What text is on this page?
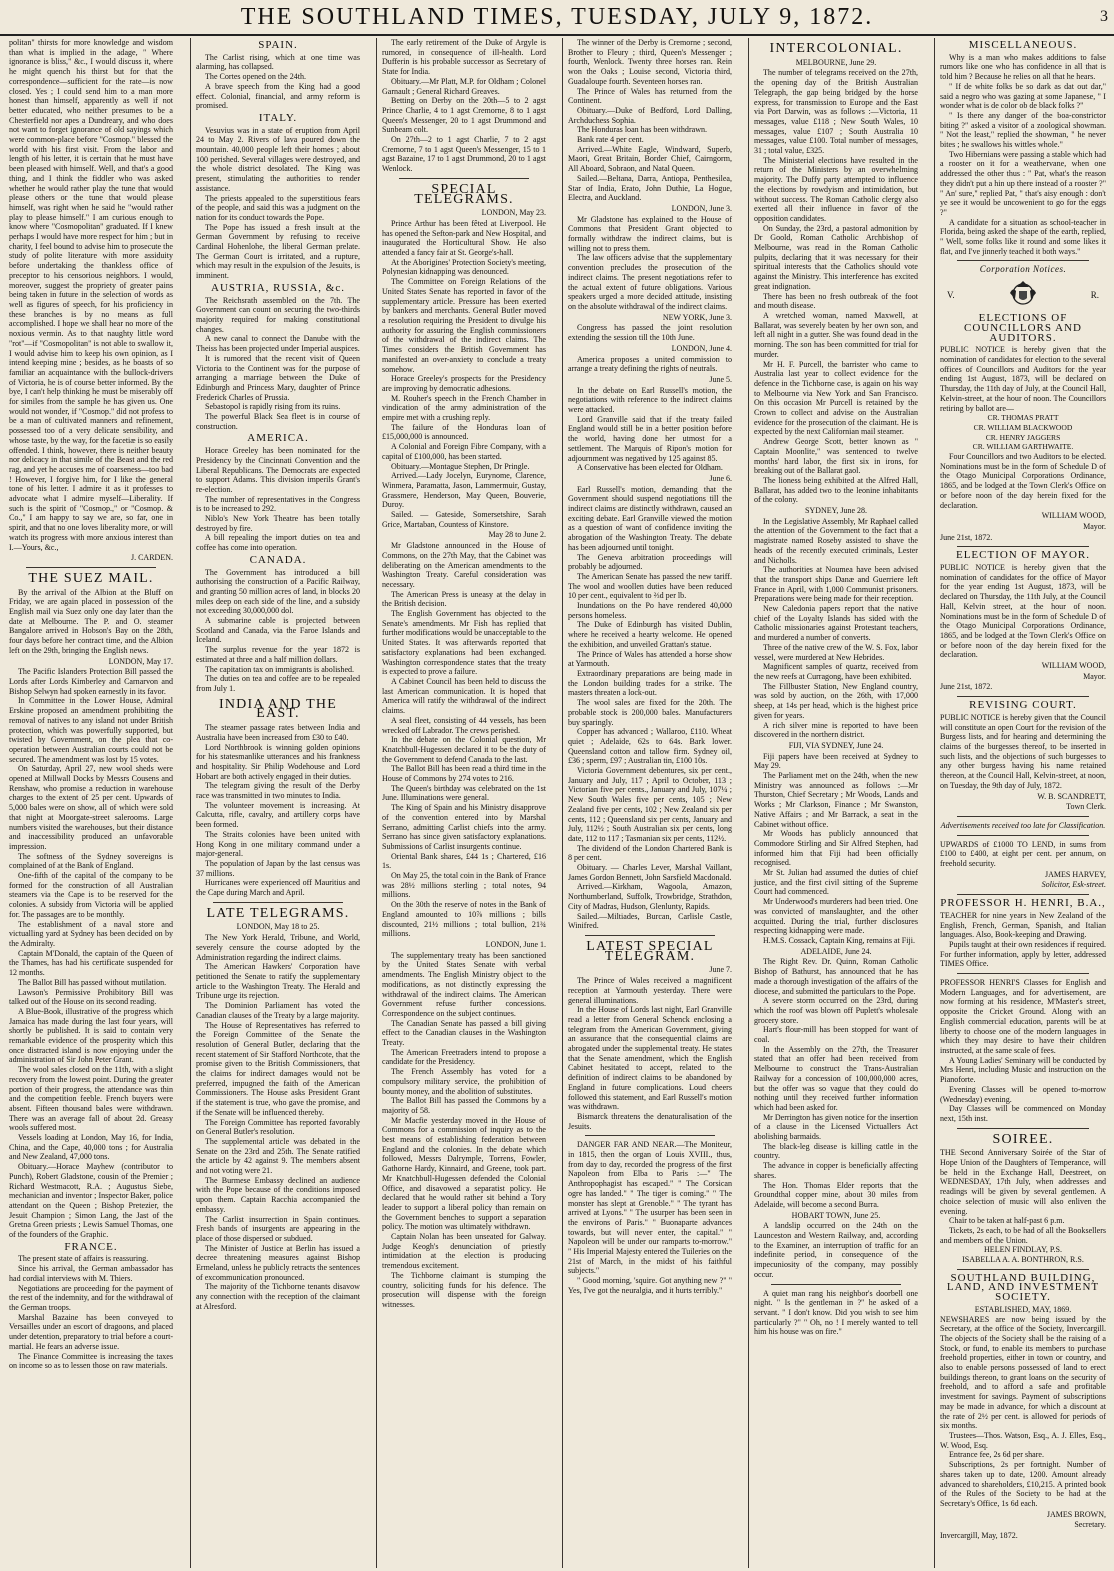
THE SOUTHLAND TIMES, TUESDAY, JULY 9, 1872.	3

politan" thirsts for more knowledge and wisdom than what is implied in the adage, " Where ignorance is bliss," &c., I would discuss it, where he might quench his thirst but for that the correspondence—sufficient for the rate—is now closed. Yes ; I could send him to a man more honest than himself, apparently as well if not better educated, who neither presumes to be a Chesterfield nor apes a Dundreary, and who does not want to forget ignorance of old sayings which were common-place before "Cosmop." blessed the world with his first visit. From the labor and length of his letter, it is certain that he must have been pleased with himself. Well, and that's a good thing, and I think the fiddler who was asked whether he would rather play the tune that would please others or the tune that would please himself, was right when he said he "would rather play to please himself." I am curious enough to know where "Cosmopolitan" graduated. If I knew perhaps I would have more respect for him ; but in charity, I feel bound to advise him to prosecute the study of polite literature with more assiduity before undertaking the thankless office of preceptor to his censorious neighbors. I would, moreover, suggest the propriety of greater pains being taken in future in the selection of words as well as figures of speech, for his proficiency in these branches is by no means as full accomplished. I hope we shall hear no more of the noxious vermin. As to that naughty little word "rot"—if "Cosmopolitan" is not able to swallow it, I would advise him to keep his own opinion, as I intend keeping mine ; besides, as he boasts of so familiar an acquaintance with the bullock-drivers of Victoria, he is of course better informed. By the bye, I can't help thinking he must be miserably off for similes from the sample he has given us. One would not wonder, if "Cosmop." did not profess to be a man of cultivated manners and refinement, possessed too of a very delicate sensibility, and whose taste, by the way, for the facetiæ is so easily offended. I think, however, there is neither beauty nor delicacy in that simile of the Beast and the red rag, and yet he accuses me of coarseness—too bad ! However, I forgive him, for I like the general tone of his letter. I admire it as it professes to advocate what I admire myself—Liberality. If such is the spirit of "Cosmop.," or "Cosmop. & Co.," I am happy to say we are, so far, one in spirit, and that no one loves liberality more, or will watch its progress with more anxious interest than I.—Yours, &c.,

J. CARDEN.
THE SUEZ MAIL.

By the arrival of the Albion at the Bluff on Friday, we are again placed in possession of the English mail via Suez only one day later than the date at Melbourne. The P. and O. steamer Bangalore arrived in Hobson's Bay on the 28th, four days before her contract time, and the Albion left on the 29th, bringing the English news.

LONDON, May 17.

The Pacific Islanders Protection Bill passed the Lords after Lords Kimberley and Carnarvon and Bishop Selwyn had spoken earnestly in its favor.

In Committee in the Lower House, Admiral Erskine proposed an amendment prohibiting the removal of natives to any island not under British protection, which was powerfully supported, but twisted by Government, on the plea that co-operation between Australian courts could not be secured. The amendment was lost by 15 votes.

On Saturday, April 27, new wool sheds were opened at Millwall Docks by Messrs Cousens and Renshaw, who promise a reduction in warehouse charges to the extent of 25 per cent. Upwards of 5,000 bales were on show, all of which were sold that night at Moorgate-street salerooms. Large numbers visited the warehouses, but their distance and inaccessibility produced an unfavorable impression.

The softness of the Sydney sovereigns is complained of at the Bank of England.

One-fifth of the capital of the company to be formed for the construction of all Australian steamers via the Cape is to be reserved for the colonies. A subsidy from Victoria will be applied for. The passages are to be monthly.

The establishment of a naval store and victualling yard at Sydney has been decided on by the Admiralty.

Captain M'Donald, the captain of the Queen of the Thames, has had his certificate suspended for 12 months.

The Ballot Bill has passed without mutilation.

Lawson's Permissive Prohibitory Bill was talked out of the House on its second reading.

A Blue-Book, illustrative of the progress which Jamaica has made during the last four years, will shortly be published. It is said to contain very remarkable evidence of the prosperity which this once distracted island is now enjoying under the administration of Sir John Peter Grant.

The wool sales closed on the 11th, with a slight recovery from the lowest point. During the greater portion of their progress, the attendance was thin and the competition feeble. French buyers were absent. Fifteen thousand bales were withdrawn. There was an average fall of about 2d. Greasy wools suffered most.

Vessels loading at London, May 16, for India, China, and the Cape, 40,000 tons ; for Australia and New Zealand, 47,000 tons.

Obituary.—Horace Mayhew (contributor to Punch), Robert Gladstone, cousin of the Premier ; Richard Westmacott, R.A. ; Augustus Siebe, mechanician and inventor ; Inspector Baker, police attendant on the Queen ; Bishop Pretezier, the Jesuit Champion ; Simon Lang, the Jast of the Gretna Green priests ; Lewis Samuel Thomas, one of the founders of the Graphic.

FRANCE.

The present state of affairs is reassuring.

Since his arrival, the German ambassador has had cordial interviews with M. Thiers.

Negotiations are proceeding for the payment of the rest of the indemnity, and for the withdrawal of the German troops.

Marshal Bazaine has been conveyed to Versailles under an escort of dragoons, and placed under detention, preparatory to trial before a court-martial. He fears an adverse issue.

The Finance Committee is increasing the taxes on income so as to lessen those on raw materials.

SPAIN.

The Carlist rising, which at one time was alarming, has collapsed.

The Cortes opened on the 24th.

A brave speech from the King had a good effect. Colonial, financial, and army reform is promised.

ITALY.

Vesuvius was in a state of eruption from April 24 to May 2. Rivers of lava poured down the mountain. 40,000 people left their homes ; about 100 perished. Several villages were destroyed, and the whole district desolated. The King was present, stimulating the authorities to render assistance.

The priests appealed to the superstitious fears of the people, and said this was a judgment on the nation for its conduct towards the Pope.

The Pope has issued a fresh insult at the German Government by refusing to receive Cardinal Hohenlohe, the liberal German prelate. The German Court is irritated, and a rupture, which may result in the expulsion of the Jesuits, is imminent.

AUSTRIA, RUSSIA, &c.

The Reichsrath assembled on the 7th. The Government can count on securing the two-thirds majority required for making constitutional changes.

A new canal to connect the Danube with the Theiss has been projected under Imperial auspices.

It is rumored that the recent visit of Queen Victoria to the Continent was for the purpose of arranging a marriage between the Duke of Edinburgh and Princess Mary, daughter of Prince Frederick Charles of Prussia.

Sebastopol is rapidly rising from its ruins.

The powerful Black Sea fleet is in course of construction.

AMERICA.

Horace Greeley has been nominated for the Presidency by the Cincinnati Convention and the Liberal Republicans. The Democrats are expected to support Adams. This division imperils Grant's re-election.

The number of representatives in the Congress is to be increased to 292.

Niblo's New York Theatre has been totally destroyed by fire.

A bill repealing the import duties on tea and coffee has come into operation.

CANADA.

The Government has introduced a bill authorising the construction of a Pacific Railway, and granting 50 million acres of land, in blocks 20 miles deep on each side of the line, and a subsidy not exceeding 30,000,000 dol.

A submarine cable is projected between Scotland and Canada, via the Faroe Islands and Iceland.

The surplus revenue for the year 1872 is estimated at three and a half million dollars.

The capitation tax on immigrants is abolished.

The duties on tea and coffee are to be repealed from July 1.

INDIA AND THE EAST.

The steamer passage rates between India and Australia have been increased from £30 to £40.

Lord Northbrook is winning golden opinions for his statesmanlike utterances and his frankness and hospitality. Sir Philip Wodehouse and Lord Hobart are both actively engaged in their duties.

The telegram giving the result of the Derby race was transmitted in two minutes to India.

The volunteer movement is increasing. At Calcutta, rifle, cavalry, and artillery corps have been formed.

The Straits colonies have been united with Hong Kong in one military command under a major-general.

The population of Japan by the last census was 37 millions.

Hurricanes were experienced off Mauritius and the Cape during March and April.

LATE TELEGRAMS.
LONDON, May 18 to 25.

The New York Herald, Tribune, and World, severely censure the course adopted by the Administration regarding the indirect claims.

The American Hawkers' Corporation have petitioned the Senate to ratify the supplementary article to the Washington Treaty. The Herald and Tribune urge its rejection.

The Dominion Parliament has voted the Canadian clauses of the Treaty by a large majority.

The House of Representatives has referred to the Foreign Committee of the Senate the resolution of General Butler, declaring that the recent statement of Sir Stafford Northcote, that the promise given to the British Commissioners, that the claims for indirect damages would not be preferred, impugned the faith of the American Commissioners. The House asks President Grant if the statement is true, who gave the promise, and if the Senate will be influenced thereby.

The Foreign Committee has reported favorably on General Butler's resolution.

The supplemental article was debated in the Senate on the 23rd and 25th. The Senate ratified the article by 42 against 9. The members absent and not voting were 21.

The Burmese Embassy declined an audience with the Pope because of the conditions imposed upon them. Captain Racchia accompanied the embassy.

The Carlist insurrection in Spain continues. Fresh bands of insurgents are appearing in the place of those dispersed or subdued.

The Minister of Justice at Berlin has issued a decree threatening measures against Bishop Ermeland, unless he publicly retracts the sentences of excommunication pronounced.

The majority of the Tichborne tenants disavow any connection with the reception of the claimant at Alresford.

The early retirement of the Duke of Argyle is rumored, in consequence of ill-health. Lord Dufferin is his probable successor as Secretary of State for India.

Obituary.—Mr Platt, M.P. for Oldham ; Colonel Garnault ; General Richard Greaves.

Betting on Derby on the 20th—5 to 2 agst Prince Charlie, 4 to 1 agst Cremorne, 8 to 1 agst Queen's Messenger, 20 to 1 agst Drummond and Sunbeam colt.

On 27th—2 to 1 agst Charlie, 7 to 2 agst Cremorne, 7 to 1 agst Queen's Messenger, 15 to 1 agst Bazaine, 17 to 1 agst Drummond, 20 to 1 agst Wenlock.

SPECIAL TELEGRAMS.
LONDON, May 23.

Prince Arthur has been fêted at Liverpool. He has opened the Sefton-park and New Hospital, and inaugurated the Horticultural Show. He also attended a fancy fair at St. George's-hall.

At the Aborigines' Protection Society's meeting, Polynesian kidnapping was denounced.

The Committee on Foreign Relations of the United States Senate has reported in favor of the supplementary article. Pressure has been exerted by bankers and merchants. General Butler moved a resolution requiring the President to divulge his authority for assuring the English commissioners of the withdrawal of the indirect claims. The Times considers the British Government has manifested an over-anxiety to conclude a treaty somehow.

Horace Greeley's prospects for the Presidency are improving by democratic adhesions.

M. Rouher's speech in the French Chamber in vindication of the army administration of the empire met with a crushing reply.

The failure of the Honduras loan of £15,000,000 is announced.

A Colonial and Foreign Fibre Company, with a capital of £100,000, has been started.

Obituary.—Montague Stephen, Dr Pringle.

Arrived.—Lady Jocelyn, Eurynome, Clarence, Winmera, Paramatta, Jason, Lammermuir, Gustay, Grassmere, Henderson, May Queen, Bouverie, Duroy.

Sailed. — Gateside, Somersetshire, Sarah Grice, Martaban, Countess of Kinstore.

May 28 to June 2.

Mr Gladstone announced in the House of Commons, on the 27th May, that the Cabinet was deliberating on the American amendments to the Washington Treaty. Careful consideration was necessary.

The American Press is uneasy at the delay in the British decision.

The English Government has objected to the Senate's amendments. Mr Fish has replied that further modifications would be unacceptable to the United States. It was afterwards reported that satisfactory explanations had been exchanged. Washington correspondence states that the treaty is expected to prove a failure.

A Cabinet Council has been held to discuss the last American communication. It is hoped that America will ratify the withdrawal of the indirect claims.

A seal fleet, consisting of 44 vessels, has been wrecked off Labrador. The crews perished.

In the debate on the Colonial question, Mr Knatchbull-Hugessen declared it to be the duty of the Government to defend Canada to the last.

The Ballot Bill has been read a third time in the House of Commons by 274 votes to 216.

The Queen's birthday was celebrated on the 1st June. Illuminations were general.

The King of Spain and his Ministry disapprove of the convention entered into by Marshal Serrano, admitting Carlist chiefs into the army. Serrano has since given satisfactory explanations. Submissions of Carlist insurgents continue.

Oriental Bank shares, £44 1s ; Chartered, £16 1s.

On May 25, the total coin in the Bank of France was 28½ millions sterling ; total notes, 94 millions.

On the 30th the reserve of notes in the Bank of England amounted to 10⅞ millions ; bills discounted, 21½ millions ; total bullion, 21¾ millions.

LONDON, June 1.

The supplementary treaty has been sanctioned by the United States Senate with verbal amendments. The English Ministry object to the modifications, as not distinctly expressing the withdrawal of the indirect claims. The American Government refuse further concessions. Correspondence on the subject continues.

The Canadian Senate has passed a bill giving effect to the Canadian clauses in the Washington Treaty.

The American Freetraders intend to propose a candidate for the Presidency.

The French Assembly has voted for a compulsory military service, the prohibition of bounty money, and the abolition of substitutes.

The Ballot Bill has passed the Commons by a majority of 58.

Mr Macfie yesterday moved in the House of Commons for a commission of inquiry as to the best means of establishing federation between England and the colonies. In the debate which followed, Messrs Dalrymple, Torrens, Fowler, Gathorne Hardy, Kinnaird, and Greene, took part. Mr Knatchbull-Hugessen defended the Colonial Office, and disavowed a separatist policy. He declared that he would rather sit behind a Tory leader to support a liberal policy than remain on the Government benches to support a separation policy. The motion was ultimately withdrawn.

Captain Nolan has been unseated for Galway. Judge Keogh's denunciation of priestly intimidation at the election is producing tremendous excitement.

The Tichborne claimant is stumping the country, soliciting funds for his defence. The prosecution will dispense with the foreign witnesses.

The winner of the Derby is Cremorne ; second, Brother to Fleury ; third, Queen's Messenger ; fourth, Wenlock. Twenty three horses ran. Rein won the Oaks ; Louise second, Victoria third, Guadaloupe fourth. Seventeen horses ran.

The Prince of Wales has returned from the Continent.

Obituary.—Duke of Bedford, Lord Dalling, Archduchess Sophia.

The Honduras loan has been withdrawn.

Bank rate 4 per cent.

Arrived.—White Eagle, Windward, Superb, Maori, Great Britain, Border Chief, Cairngorm, All Aboard, Sobraon, and Natal Queen.

Sailed.—Beltana, Darra, Antiopa, Penthesilea, Star of India, Erato, John Duthie, La Hogue, Electra, and Auckland.

LONDON, June 3.

Mr Gladstone has explained to the House of Commons that President Grant objected to formally withdraw the indirect claims, but is willing not to press them.

The law officers advise that the supplementary convention precludes the prosecution of the indirect claims. The present negotiations refer to the actual extent of future obligations. Various speakers urged a more decided attitude, insisting on the absolute withdrawal of the indirect claims.

NEW YORK, June 3.

Congress has passed the joint resolution extending the session till the 10th June.

LONDON, June 4.

America proposes a united commission to arrange a treaty defining the rights of neutrals.

June 5.

In the debate on Earl Russell's motion, the negotiations with reference to the indirect claims were attacked.

Lord Granville said that if the treaty failed England would still be in a better position before the world, having done her utmost for a settlement. The Marquis of Ripon's motion for adjournment was negatived by 125 against 85.

A Conservative has been elected for Oldham.

June 6.

Earl Russell's motion, demanding that the Government should suspend negotiations till the indirect claims are distinctly withdrawn, caused an exciting debate. Earl Granville viewed the motion as a question of want of confidence inviting the abrogation of the Washington Treaty. The debate has been adjourned until tonight.

The Geneva arbitration proceedings will probably be adjourned.

The American Senate has passed the new tariff. The wool and woollen duties have been reduced 10 per cent., equivalent to ⅔d per lb.

Inundations on the Po have rendered 40,000 persons homeless.

The Duke of Edinburgh has visited Dublin, where he received a hearty welcome. He opened the exhibition, and unveiled Grattan's statue.

The Prince of Wales has attended a horse show at Yarmouth.

Extraordinary preparations are being made in the London building trades for a strike. The masters threaten a lock-out.

The wool sales are fixed for the 20th. The probable stock is 200,000 bales. Manufacturers buy sparingly.

Copper has advanced ; Wallaroo, £110. Wheat quiet ; Adelaide, 62s to 64s. Bark lower. Queensland cotton and tallow firm. Sydney oil, £36 ; sperm, £97 ; Australian tin, £100 10s.

Victoria Government debentures, six per cent., January and July, 117 ; April to October, 113 ; Victorian five per cents., January and July, 107¼ ; New South Wales five per cents, 105 ; New Zealand five per cents, 102 ; New Zealand six per cents, 112 ; Queensland six per cents, January and July, 112½ ; South Australian six per cents, long date, 112 to 117 ; Tasmanian six per cents, 112½.

The dividend of the London Chartered Bank is 8 per cent.

Obituary. — Charles Lever, Marshal Vaillant, James Gordon Bennett, John Sarsfield Macdonald.

Arrived.—Kirkham, Wagoola, Amazon, Northumberland, Suffolk, Trowbridge, Strathdon, City of Madras, Hudson, Glenlunty, Rapids.

Sailed.—Miltiades, Burcan, Carlisle Castle, Winifred.

LATEST SPECIAL TELEGRAM.
June 7.

The Prince of Wales received a magnificent reception at Yarmouth yesterday. There were general illuminations.

In the House of Lords last night, Earl Granville read a letter from General Schenck enclosing a telegram from the American Government, giving an assurance that the consequential claims are abrogated under the supplemental treaty. He states that the Senate amendment, which the English Cabinet hesitated to accept, related to the definition of indirect claims to be abandoned by England in future complications. Loud cheers followed this statement, and Earl Russell's motion was withdrawn.

Bismarck threatens the denaturalisation of the Jesuits.

DANGER FAR AND NEAR.—The Moniteur, in 1815, then the organ of Louis XVIII., thus, from day to day, recorded the progress of the first Napoleon from Elba to Paris :—" The Anthropophagist has escaped." " The Corsican ogre has landed." " The tiger is coming." " The monster has slept at Grenoble." " The tyrant has arrived at Lyons." " The usurper has been seen in the environs of Paris." " Buonaparte advances towards, but will never enter, the capital." " Napoleon will be under our ramparts to-morrow." " His Imperial Majesty entered the Tuileries on the 21st of March, in the midst of his faithful subjects."

" Good morning, 'squire. Got anything new ?" " Yes, I've got the neuralgia, and it hurts terribly."

INTERCOLONIAL.
MELBOURNE, June 29.

The number of telegrams received on the 27th, the opening day of the British Australian Telegraph, the gap being bridged by the horse express, for transmission to Europe and the East via Port Darwin, was as follows :—Victoria, 11 messages, value £118 ; New South Wales, 10 messages, value £107 ; South Australia 10 messages, value £100. Total number of messages, 31 ; total value, £325.

The Ministerial elections have resulted in the return of the Ministers by an overwhelming majority. The Duffy party attempted to influence the elections by rowdyism and intimidation, but without success. The Roman Catholic clergy also exerted all their influence in favor of the opposition candidates.

On Sunday, the 23rd, a pastoral admonition by Dr Goold, Roman Catholic Archbishop of Melbourne, was read in the Roman Catholic pulpits, declaring that it was necessary for their spiritual interests that the Catholics should vote against the Ministry. This interference has excited great indignation.

There has been no fresh outbreak of the foot and mouth disease.

A wretched woman, named Maxwell, at Ballarat, was severely beaten by her own son, and left all night in a gutter. She was found dead in the morning. The son has been committed for trial for murder.

Mr H. F. Purcell, the barrister who came to Australia last year to collect evidence for the defence in the Tichborne case, is again on his way to Melbourne via New York and San Francisco. On this occasion Mr Purcell is retained by the Crown to collect and advise on the Australian evidence for the prosecution of the claimant. He is expected by the next Californian mail steamer.

Andrew George Scott, better known as " Captain Moonlite," was sentenced to twelve months' hard labor, the first six in irons, for breaking out of the Ballarat gaol.

The lioness being exhibited at the Alfred Hall, Ballarat, has added two to the leonine inhabitants of the colony.

SYDNEY, June 28.

In the Legislative Assembly, Mr Raphael called the attention of the Government to the fact that a magistrate named Roseby assisted to shave the heads of the recently executed criminals, Lester and Nicholls.

The authorities at Noumea have been advised that the transport ships Danæ and Guerriere left France in April, with 1,000 Communist prisoners. Preparations were being made for their reception.

New Caledonia papers report that the native chief of the Loyalty Islands has sided with the Catholic missionaries against Protestant teachers, and murdered a number of converts.

Three of the native crew of the W. S. Fox, labor vessel, were murdered at New Hebrides.

Magnificent samples of quartz, received from the new reefs at Curragong, have been exhibited.

The Fillbuster Station, New England country, was sold by auction, on the 26th, with 17,000 sheep, at 14s per head, which is the highest price given for years.

A rich silver mine is reported to have been discovered in the northern district.

FIJI, VIA SYDNEY, June 24.

Fiji papers have been received at Sydney to May 29.

The Parliament met on the 24th, when the new Ministry was announced as follows :—Mr Thurston, Chief Secretary ; Mr Woods, Lands and Works ; Mr Clarkson, Finance ; Mr Swanston, Native Affairs ; and Mr Barrack, a seat in the Cabinet without office.

Mr Woods has publicly announced that Commodore Stirling and Sir Alfred Stephen, had informed him that Fiji had been officially recognised.

Mr St. Julian had assumed the duties of chief justice, and the first civil sitting of the Supreme Court had commenced.

Mr Underwood's murderers had been tried. One was convicted of manslaughter, and the other acquitted. During the trial, further disclosures respecting kidnapping were made.

H.M.S. Cossack, Captain King, remains at Fiji.

ADELAIDE, June 24.

The Right Rev. Dr. Quinn, Roman Catholic Bishop of Bathurst, has announced that he has made a thorough investigation of the affairs of the diocese, and submitted the particulars to the Pope.

A severe storm occurred on the 23rd, during which the roof was blown off Puplett's wholesale grocery store.

Hart's flour-mill has been stopped for want of coal.

In the Assembly on the 27th, the Treasurer stated that an offer had been received from Melbourne to construct the Trans-Australian Railway for a concession of 100,000,000 acres, but the offer was so vague that they could do nothing until they received further information which had been asked for.

Mr Derrington has given notice for the insertion of a clause in the Licensed Victuallers Act abolishing barmaids.

The black-leg disease is killing cattle in the country.

The advance in copper is beneficially affecting shares.

The Hon. Thomas Elder reports that the Groundthal copper mine, about 30 miles from Adelaide, will become a second Burra.

HOBART TOWN, June 25.

A landslip occurred on the 24th on the Launceston and Western Railway, and, according to the Examiner, an interruption of traffic for an indefinite period, in consequence of the impecuniosity of the company, may possibly occur.

A quiet man rang his neighbor's doorbell one night. " Is the gentleman in ?" he asked of a servant. " I don't know. Did you wish to see him particularly ?" " Oh, no ! I merely wanted to tell him his house was on fire."

MISCELLANEOUS.

Why is a man who makes additions to false rumors like one who has confidence in all that is told him ? Because he relies on all that he hears.

" If de white folks be so dark as dat out dar," said a negro who was gazing at some Japanese, " I wonder what is de color ob de black folks ?"

" Is there any danger of the boa-constrictor biting ?" asked a visitor of a zoological showman. " Not the least," replied the showman, " he never bites ; he swallows his wittles whole."

Two Hibernians were passing a stable which had a rooster on it for a weathervane, when one addressed the other thus : " Pat, what's the reason they didn't put a hin up there instead of a rooster ?" " An' sure," replied Pat, " that's aisy enough : don't ye see it would be uncowenient to go for the eggs ?"

A candidate for a situation as school-teacher in Florida, being asked the shape of the earth, replied, " Well, some folks like it round and some likes it flat, and I've jinnerly teached it both ways."

Corporation Notices.
V.	R.
ELECTIONS OF COUNCILLORS AND AUDITORS.

PUBLIC NOTICE is hereby given that the nomination of candidates for election to the several offices of Councillors and Auditors for the year ending 1st August, 1873, will be declared on Thursday, the 11th day of July, at the Council Hall, Kelvin-street, at the hour of noon. The Councillors retiring by ballot are—

CR. THOMAS PRATT
CR. WILLIAM BLACKWOOD
CR. HENRY JAGGERS
CR. WILLIAM GARTHWAITE.

Four Councillors and two Auditors to be elected. Nominations must be in the form of Schedule D of the Otago Municipal Corporations Ordinance, 1865, and be lodged at the Town Clerk's Office on or before noon of the day herein fixed for the declaration.

WILLIAM WOOD,
Mayor.
June 21st, 1872.
ELECTION OF MAYOR.

PUBLIC NOTICE is hereby given that the nomination of candidates for the office of Mayor for the year ending 1st August, 1873, will be declared on Thursday, the 11th July, at the Council Hall, Kelvin street, at the hour of noon. Nominations must be in the form of Schedule D of the Otago Municipal Corporations Ordinance, 1865, and be lodged at the Town Clerk's Office on or before noon of the day herein fixed for the declaration.

WILLIAM WOOD,
Mayor.
June 21st, 1872.
REVISING COURT.

PUBLIC NOTICE is hereby given that the Council will constitute an open Court for the revision of the Burgess lists, and for hearing and determining the claims of the burgesses thereof, to be inserted in such lists, and the objections of such burgesses to any other burgess having his name retained thereon, at the Council Hall, Kelvin-street, at noon, on Tuesday, the 9th day of July, 1872.

W. B. SCANDRETT,
Town Clerk.
Advertisements received too late for Classification.

UPWARDS of £1000 TO LEND, in sums from £100 to £400, at eight per cent. per annum, on freehold security.

JAMES HARVEY,
Solicitor, Esk-street.
PROFESSOR H. HENRI, B.A.,

TEACHER for nine years in New Zealand of the English, French, German, Spanish, and Italian languages. Also, Book-keeping and Drawing.

Pupils taught at their own residences if required. For further information, apply by letter, addressed TIMES Office.

PROFESSOR HENRI'S Classes for English and Modern Languages, and for advertisement, are now forming at his residence, M'Master's street, opposite the Cricket Ground. Along with an English commercial education, parents will be at liberty to choose one of the modern languages in which they may desire to have their children instructed, at the same scale of fees.

A Young Ladies' Seminary will be conducted by Mrs Henri, including Music and instruction on the Pianoforte.

Evening Classes will be opened to-morrow (Wednesday) evening.

Day Classes will be commenced on Monday next, 15th inst.

SOIREE.

THE Second Anniversary Soirée of the Star of Hope Union of the Daughters of Temperance, will be held in the Exchange Hall, Deestreet, on WEDNESDAY, 17th July, when addresses and readings will be given by several gentlemen. A choice selection of music will also enliven the evening.

Chair to be taken at half-past 6 p.m.

Tickets, 2s each, to be had of all the Booksellers and members of the Union.

HELEN FINDLAY, P.S.
ISABELLA A. A. BONTHRON, R.S.
SOUTHLAND BUILDING, LAND, AND INVESTMENT SOCIETY.
ESTABLISHED, MAY, 1869.

NEWSHARES are now being issued by the Secretary, at the office of the Society, Invercargill. The objects of the Society shall be the raising of a Stock, or fund, to enable its members to purchase freehold properties, either in town or country, and also to enable persons possessed of land to erect buildings thereon, to grant loans on the security of freehold, and to afford a safe and profitable investment for savings. Payment of subscriptions may be made in advance, for which a discount at the rate of 2½ per cent. is allowed for periods of six months.

Trustees—Thos. Watson, Esq., A. J. Elles, Esq., W. Wood, Esq.

Entrance fee, 2s 6d per share.

Subscriptions, 2s per fortnight. Number of shares taken up to date, 1200. Amount already advanced to shareholders, £10,215. A printed book of the Rules of the Society to be had at the Secretary's Office, 1s 6d each.

JAMES BROWN,
Secretary.
Invercargill, May, 1872.
